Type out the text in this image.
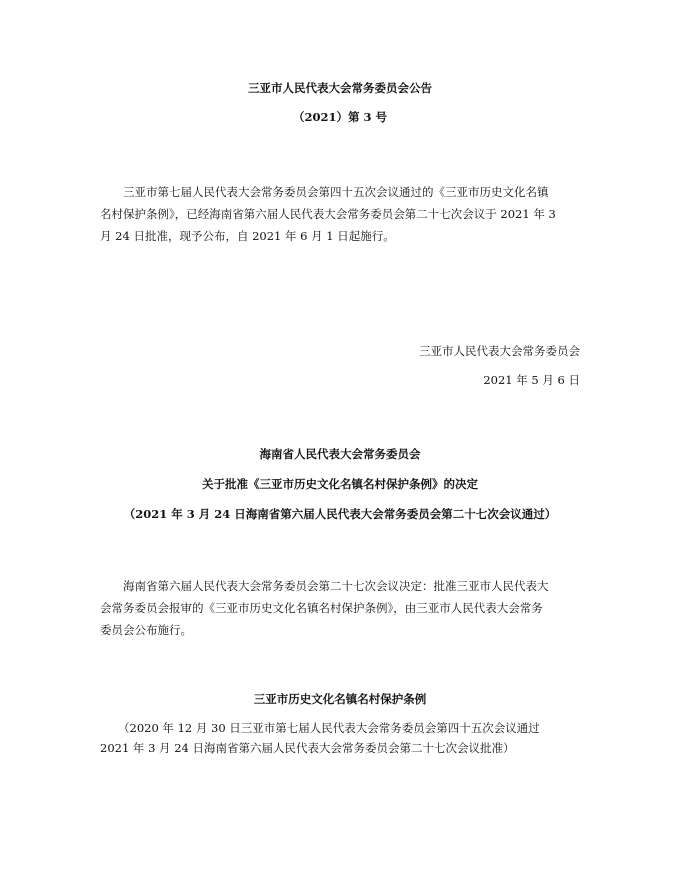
三亚市人民代表大会常务委员会公告

（2021）第 3 号

三亚市第七届人民代表大会常务委员会第四十五次会议通过的《三亚市历史文化名镇
名村保护条例》，已经海南省第六届人民代表大会常务委员会第二十七次会议于 2021 年 3
月 24 日批准，现予公布，自 2021 年 6 月 1 日起施行。

三亚市人民代表大会常务委员会

2021 年 5 月 6 日

海南省人民代表大会常务委员会

关于批准《三亚市历史文化名镇名村保护条例》的决定

（2021 年 3 月 24 日海南省第六届人民代表大会常务委员会第二十七次会议通过）

海南省第六届人民代表大会常务委员会第二十七次会议决定：批准三亚市人民代表大
会常务委员会报审的《三亚市历史文化名镇名村保护条例》，由三亚市人民代表大会常务
委员会公布施行。

三亚市历史文化名镇名村保护条例

（2020 年 12 月 30 日三亚市第七届人民代表大会常务委员会第四十五次会议通过

2021 年 3 月 24 日海南省第六届人民代表大会常务委员会第二十七次会议批准）
